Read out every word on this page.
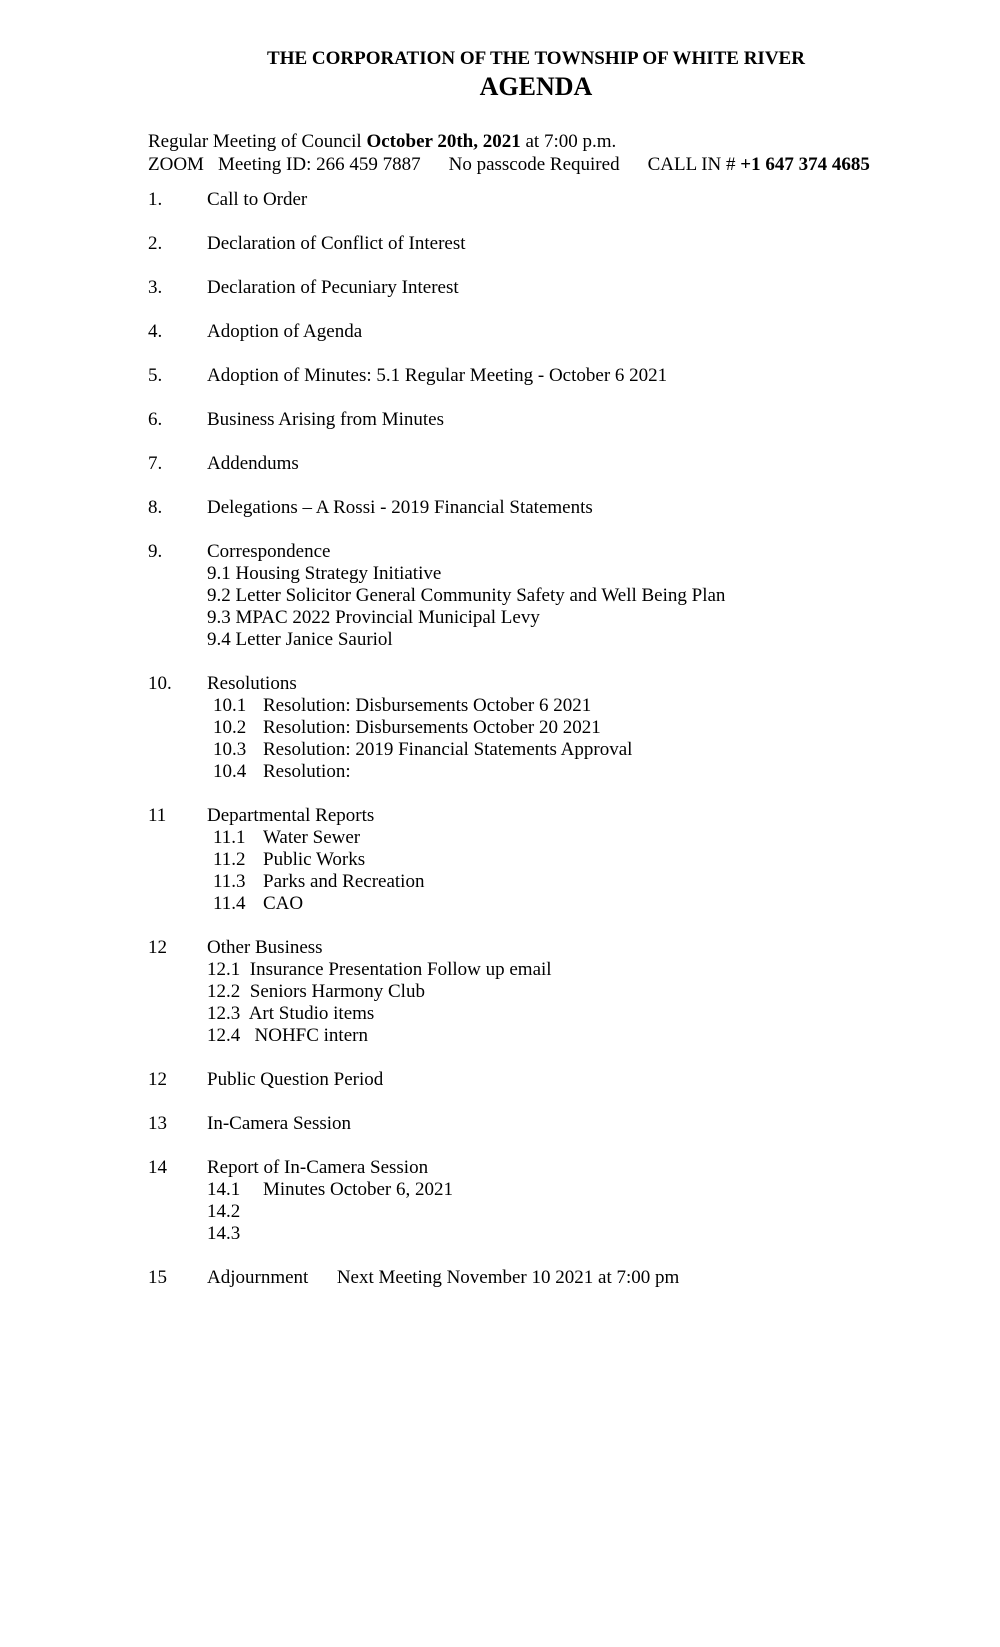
THE CORPORATION OF THE TOWNSHIP OF WHITE RIVER
AGENDA
Regular Meeting of Council October 20th, 2021 at 7:00 p.m.
ZOOM Meeting ID: 266 459 7887 No passcode Required CALL IN # +1 647 374 4685
1. Call to Order
2. Declaration of Conflict of Interest
3. Declaration of Pecuniary Interest
4. Adoption of Agenda
5. Adoption of Minutes: 5.1 Regular Meeting - October 6 2021
6. Business Arising from Minutes
7. Addendums
8. Delegations – A Rossi - 2019 Financial Statements
9. Correspondence
9.1 Housing Strategy Initiative
9.2 Letter Solicitor General Community Safety and Well Being Plan
9.3 MPAC 2022 Provincial Municipal Levy
9.4 Letter Janice Sauriol
10. Resolutions
10.1 Resolution: Disbursements October 6 2021
10.2 Resolution: Disbursements October 20 2021
10.3 Resolution: 2019 Financial Statements Approval
10.4 Resolution:
11 Departmental Reports
11.1 Water Sewer
11.2 Public Works
11.3 Parks and Recreation
11.4 CAO
12 Other Business
12.1  Insurance Presentation Follow up email
12.2  Seniors Harmony Club
12.3  Art Studio items
12.4   NOHFC intern
12 Public Question Period
13 In-Camera Session
14 Report of In-Camera Session
14.1 Minutes October 6, 2021
14.2
14.3
15 Adjournment      Next Meeting November 10 2021 at 7:00 pm
